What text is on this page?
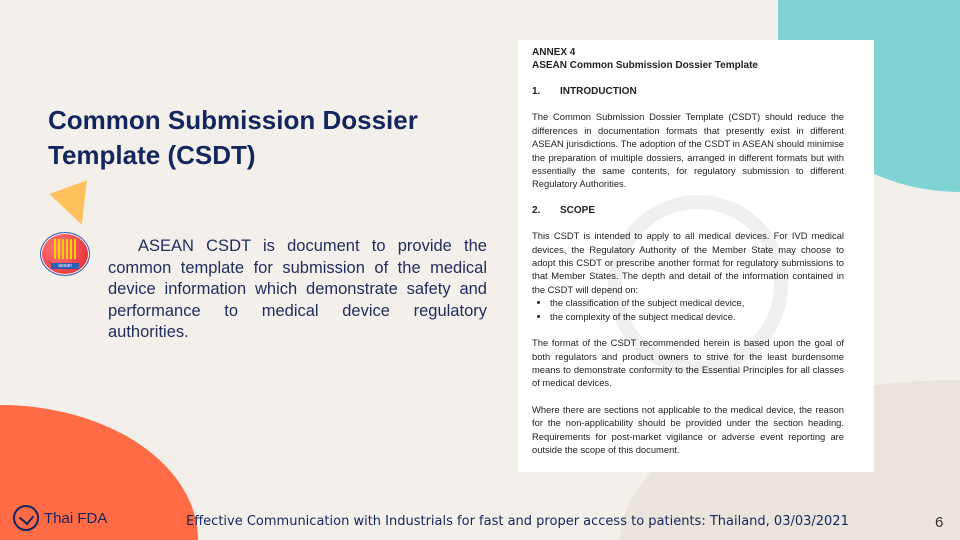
Common Submission Dossier Template (CSDT)
asean
ASEAN CSDT is document to provide the common template for submission of the medical device information which demonstrate safety and performance to medical device regulatory authorities.
ANNEX 4
ASEAN Common Submission Dossier Template
1. INTRODUCTION

The Common Submission Dossier Template (CSDT) should reduce the differences in documentation formats that presently exist in different ASEAN jurisdictions. The adoption of the CSDT in ASEAN should minimise the preparation of multiple dossiers, arranged in different formats but with essentially the same contents, for regulatory submission to different Regulatory Authorities.

2. SCOPE

This CSDT is intended to apply to all medical devices. For IVD medical devices, the Regulatory Authority of the Member State may choose to adopt this CSDT or prescribe another format for regulatory submissions to that Member States. The depth and detail of the information contained in the CSDT will depend on:

• the classification of the subject medical device,
• the complexity of the subject medical device.

The format of the CSDT recommended herein is based upon the goal of both regulators and product owners to strive for the least burdensome means to demonstrate conformity to the Essential Principles for all classes of medical devices.

Where there are sections not applicable to the medical device, the reason for the non-applicability should be provided under the section heading. Requirements for post-market vigilance or adverse event reporting are outside the scope of this document.

Thai FDA	Effective Communication with Industrials for fast and proper access to patients: Thailand, 03/03/2021	6
